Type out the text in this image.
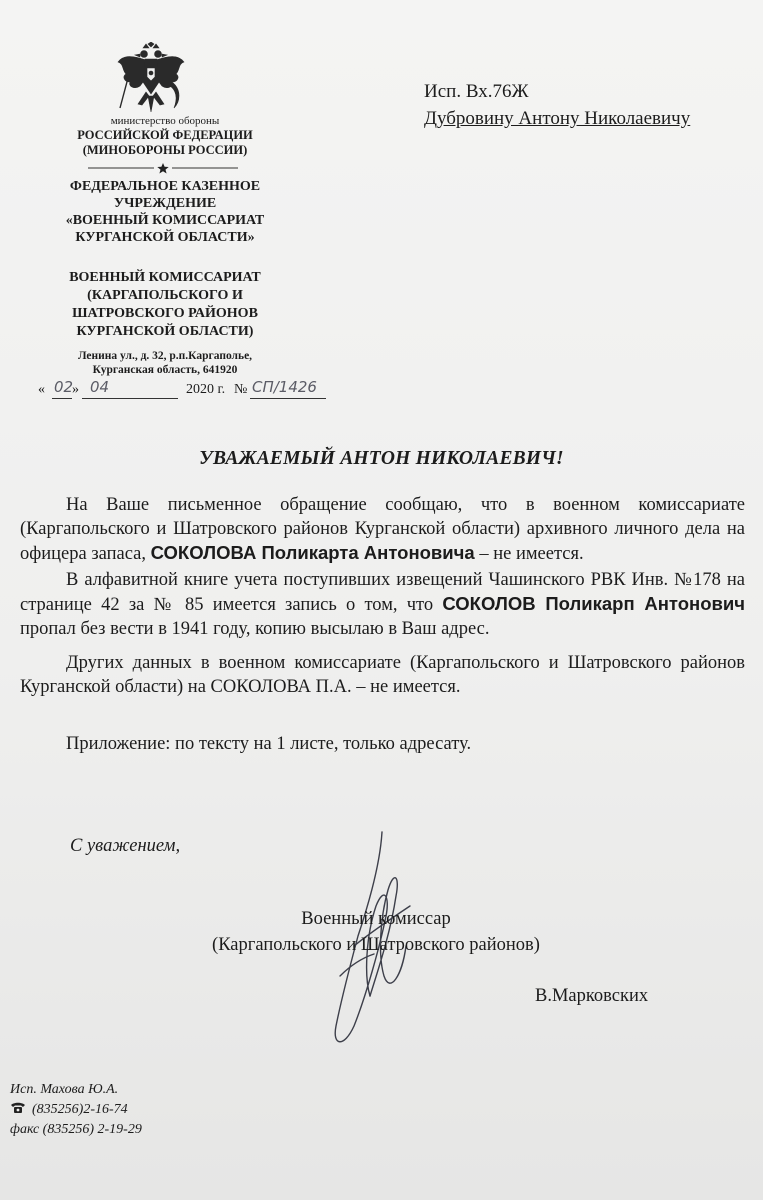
министерство обороны
РОССИЙСКОЙ ФЕДЕРАЦИИ
(МИНОБОРОНЫ РОССИИ)
ФЕДЕРАЛЬНОЕ КАЗЕННОЕ
УЧРЕЖДЕНИЕ
«ВОЕННЫЙ КОМИССАРИАТ
КУРГАНСКОЙ ОБЛАСТИ»
ВОЕННЫЙ КОМИССАРИАТ
(КАРГАПОЛЬСКОГО И
ШАТРОВСКОГО РАЙОНОВ
КУРГАНСКОЙ ОБЛАСТИ)
Ленина ул., д. 32, р.п.Каргаполье,
Курганская область, 641920
« 02
» 04	2020 г. № СП/1426
Исп. Вх.76Ж
Дубровину Антону Николаевичу
УВАЖАЕМЫЙ АНТОН НИКОЛАЕВИЧ!

На Ваше письменное обращение сообщаю, что в военном комиссариате (Каргапольского и Шатровского районов Курганской области) архивного личного дела на офицера запаса, СОКОЛОВА Поликарта Антоновича – не имеется.

В алфавитной книге учета поступивших извещений Чашинского РВК Инв. №178 на странице 42 за № 85 имеется запись о том, что СОКОЛОВ Поликарп Антонович пропал без вести в 1941 году, копию высылаю в Ваш адрес.

Других данных в военном комиссариате (Каргапольского и Шатровского районов Курганской области) на СОКОЛОВА П.А. – не имеется.

Приложение: по тексту на 1 листе, только адресату.
С уважением,
Военный комиссар
(Каргапольского и Шатровского районов)
В.Марковских
Исп. Махова Ю.А.
(835256)2-16-74
факс (835256) 2-19-29
